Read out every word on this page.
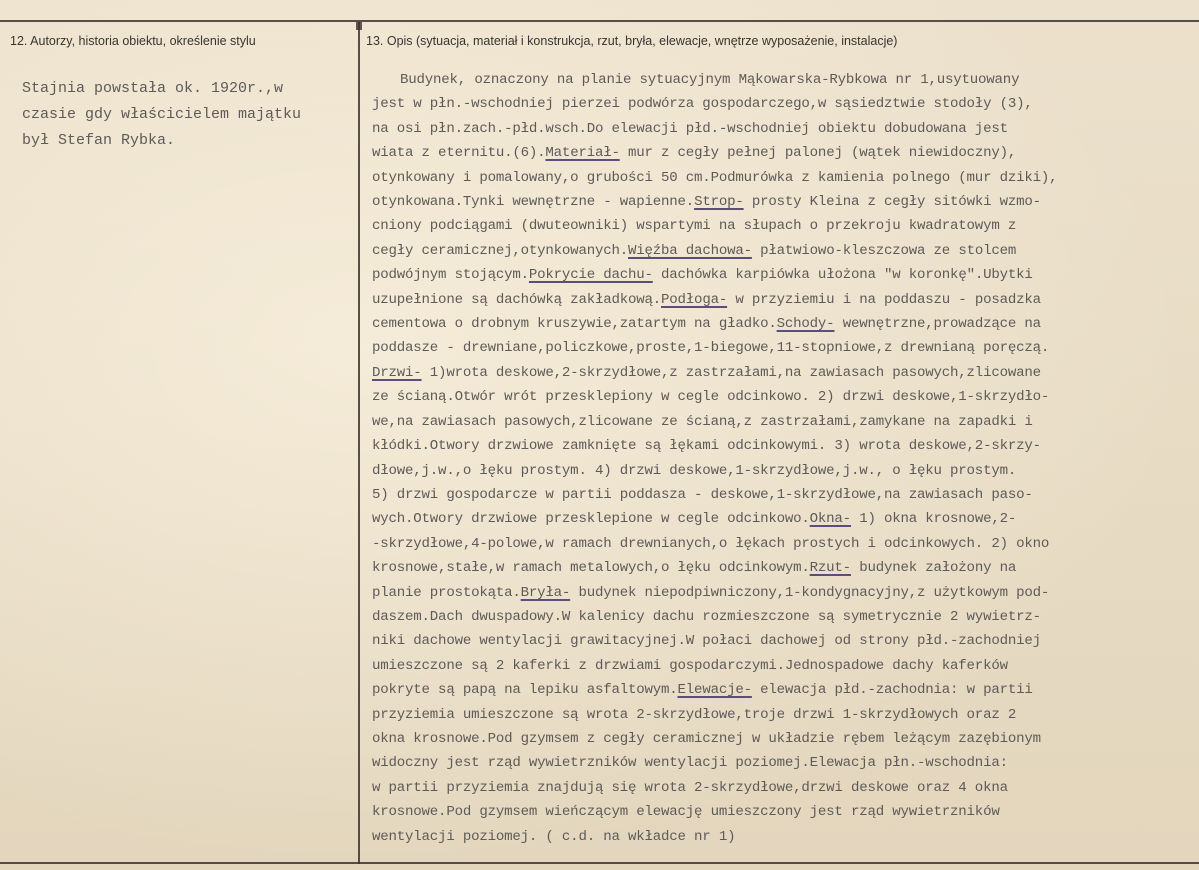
12. Autorzy, historia obiektu, określenie stylu	13. Opis (sytuacja, materiał i konstrukcja, rzut, bryła, elewacje, wnętrze wyposażenie, instalacje)
Stajnia powstała ok. 1920r.,w
czasie gdy właścicielem majątku
był Stefan Rybka.
Budynek, oznaczony na planie sytuacyjnym Mąkowarska-Rybkowa nr 1,usytuowany
jest w płn.-wschodniej pierzei podwórza gospodarczego,w sąsiedztwie stodoły (3),
na osi płn.zach.-płd.wsch.Do elewacji płd.-wschodniej obiektu dobudowana jest
wiata z eternitu.(6).Materiał- mur z cegły pełnej palonej (wątek niewidoczny),
otynkowany i pomalowany,o grubości 50 cm.Podmurówka z kamienia polnego (mur dziki),
otynkowana.Tynki wewnętrzne - wapienne.Strop- prosty Kleina z cegły sitówki wzmo-
cniony podciągami (dwuteowniki) wspartymi na słupach o przekroju kwadratowym z
cegły ceramicznej,otynkowanych.Więźba dachowa- płatwiowo-kleszczowa ze stolcem
podwójnym stojącym.Pokrycie dachu- dachówka karpiówka ułożona "w koronkę".Ubytki
uzupełnione są dachówką zakładkową.Podłoga- w przyziemiu i na poddaszu - posadzka
cementowa o drobnym kruszywie,zatartym na gładko.Schody- wewnętrzne,prowadzące na
poddasze - drewniane,policzkowe,proste,1-biegowe,11-stopniowe,z drewnianą poręczą.
Drzwi- 1)wrota deskowe,2-skrzydłowe,z zastrzałami,na zawiasach pasowych,zlicowane
ze ścianą.Otwór wrót przesklepiony w cegle odcinkowo. 2) drzwi deskowe,1-skrzydło-
we,na zawiasach pasowych,zlicowane ze ścianą,z zastrzałami,zamykane na zapadki i
kłódki.Otwory drzwiowe zamknięte są łękami odcinkowymi. 3) wrota deskowe,2-skrzy-
dłowe,j.w.,o łęku prostym. 4) drzwi deskowe,1-skrzydłowe,j.w., o łęku prostym.
5) drzwi gospodarcze w partii poddasza - deskowe,1-skrzydłowe,na zawiasach paso-
wych.Otwory drzwiowe przesklepione w cegle odcinkowo.Okna- 1) okna krosnowe,2-
-skrzydłowe,4-polowe,w ramach drewnianych,o łękach prostych i odcinkowych. 2) okno
krosnowe,stałe,w ramach metalowych,o łęku odcinkowym.Rzut- budynek założony na
planie prostokąta.Bryła- budynek niepodpiwniczony,1-kondygnacyjny,z użytkowym pod-
daszem.Dach dwuspadowy.W kalenicy dachu rozmieszczone są symetrycznie 2 wywietrz-
niki dachowe wentylacji grawitacyjnej.W połaci dachowej od strony płd.-zachodniej
umieszczone są 2 kaferki z drzwiami gospodarczymi.Jednospadowe dachy kaferków
pokryte są papą na lepiku asfaltowym.Elewacje- elewacja płd.-zachodnia: w partii
przyziemia umieszczone są wrota 2-skrzydłowe,troje drzwi 1-skrzydłowych oraz 2
okna krosnowe.Pod gzymsem z cegły ceramicznej w układzie rębem leżącym zazębionym
widoczny jest rząd wywietrzników wentylacji poziomej.Elewacja płn.-wschodnia:
w partii przyziemia znajdują się wrota 2-skrzydłowe,drzwi deskowe oraz 4 okna
krosnowe.Pod gzymsem wieńczącym elewację umieszczony jest rząd wywietrzników
wentylacji poziomej. ( c.d. na wkładce nr 1)
